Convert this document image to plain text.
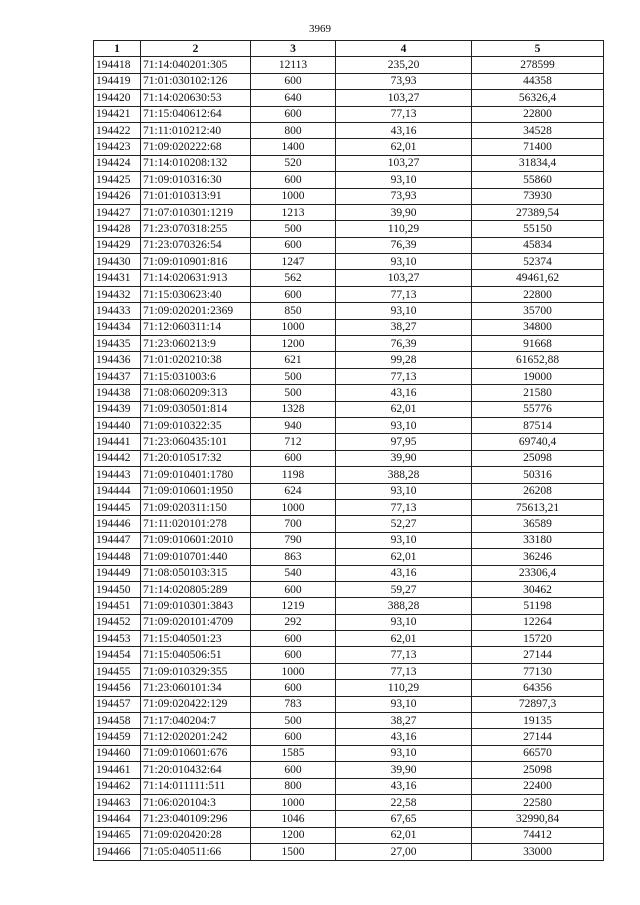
3969
1	2	3	4	5
194418	71:14:040201:305	12113	235,20	278599
194419	71:01:030102:126	600	73,93	44358
194420	71:14:020630:53	640	103,27	56326,4
194421	71:15:040612:64	600	77,13	22800
194422	71:11:010212:40	800	43,16	34528
194423	71:09:020222:68	1400	62,01	71400
194424	71:14:010208:132	520	103,27	31834,4
194425	71:09:010316:30	600	93,10	55860
194426	71:01:010313:91	1000	73,93	73930
194427	71:07:010301:1219	1213	39,90	27389,54
194428	71:23:070318:255	500	110,29	55150
194429	71:23:070326:54	600	76,39	45834
194430	71:09:010901:816	1247	93,10	52374
194431	71:14:020631:913	562	103,27	49461,62
194432	71:15:030623:40	600	77,13	22800
194433	71:09:020201:2369	850	93,10	35700
194434	71:12:060311:14	1000	38,27	34800
194435	71:23:060213:9	1200	76,39	91668
194436	71:01:020210:38	621	99,28	61652,88
194437	71:15:031003:6	500	77,13	19000
194438	71:08:060209:313	500	43,16	21580
194439	71:09:030501:814	1328	62,01	55776
194440	71:09:010322:35	940	93,10	87514
194441	71:23:060435:101	712	97,95	69740,4
194442	71:20:010517:32	600	39,90	25098
194443	71:09:010401:1780	1198	388,28	50316
194444	71:09:010601:1950	624	93,10	26208
194445	71:09:020311:150	1000	77,13	75613,21
194446	71:11:020101:278	700	52,27	36589
194447	71:09:010601:2010	790	93,10	33180
194448	71:09:010701:440	863	62,01	36246
194449	71:08:050103:315	540	43,16	23306,4
194450	71:14:020805:289	600	59,27	30462
194451	71:09:010301:3843	1219	388,28	51198
194452	71:09:020101:4709	292	93,10	12264
194453	71:15:040501:23	600	62,01	15720
194454	71:15:040506:51	600	77,13	27144
194455	71:09:010329:355	1000	77,13	77130
194456	71:23:060101:34	600	110,29	64356
194457	71:09:020422:129	783	93,10	72897,3
194458	71:17:040204:7	500	38,27	19135
194459	71:12:020201:242	600	43,16	27144
194460	71:09:010601:676	1585	93,10	66570
194461	71:20:010432:64	600	39,90	25098
194462	71:14:011111:511	800	43,16	22400
194463	71:06:020104:3	1000	22,58	22580
194464	71:23:040109:296	1046	67,65	32990,84
194465	71:09:020420:28	1200	62,01	74412
194466	71:05:040511:66	1500	27,00	33000
